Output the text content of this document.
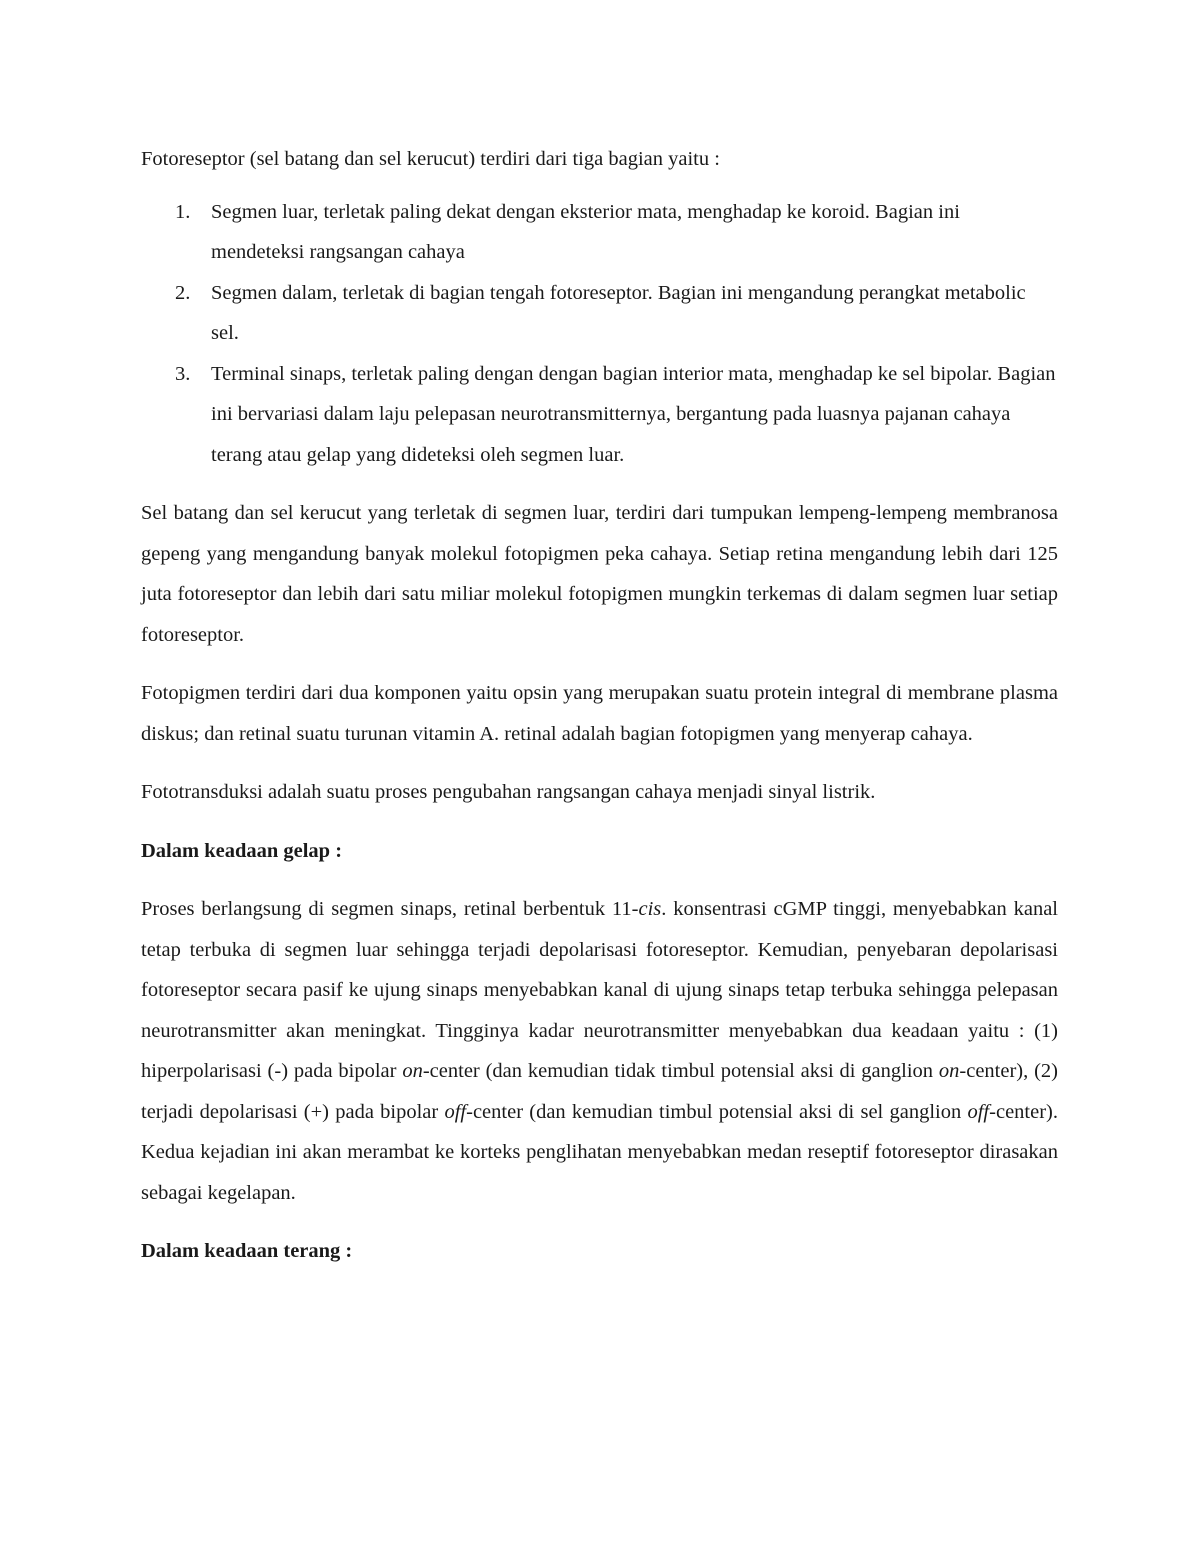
Fotoreseptor (sel batang dan sel kerucut) terdiri dari tiga bagian yaitu :

1. Segmen luar, terletak paling dekat dengan eksterior mata, menghadap ke koroid. Bagian ini mendeteksi rangsangan cahaya
2. Segmen dalam, terletak di bagian tengah fotoreseptor. Bagian ini mengandung perangkat metabolic sel.
3. Terminal sinaps, terletak paling dengan dengan bagian interior mata, menghadap ke sel bipolar. Bagian ini bervariasi dalam laju pelepasan neurotransmitternya, bergantung pada luasnya pajanan cahaya terang atau gelap yang dideteksi oleh segmen luar.

Sel batang dan sel kerucut yang terletak di segmen luar, terdiri dari tumpukan lempeng-lempeng membranosa gepeng yang mengandung banyak molekul fotopigmen peka cahaya. Setiap retina mengandung lebih dari 125 juta fotoreseptor dan lebih dari satu miliar molekul fotopigmen mungkin terkemas di dalam segmen luar setiap fotoreseptor.

Fotopigmen terdiri dari dua komponen yaitu opsin yang merupakan suatu protein integral di membrane plasma diskus; dan retinal suatu turunan vitamin A. retinal adalah bagian fotopigmen yang menyerap cahaya.

Fototransduksi adalah suatu proses pengubahan rangsangan cahaya menjadi sinyal listrik.

Dalam keadaan gelap :

Proses berlangsung di segmen sinaps, retinal berbentuk 11-cis. konsentrasi cGMP tinggi, menyebabkan kanal tetap terbuka di segmen luar sehingga terjadi depolarisasi fotoreseptor. Kemudian, penyebaran depolarisasi fotoreseptor secara pasif ke ujung sinaps menyebabkan kanal di ujung sinaps tetap terbuka sehingga pelepasan neurotransmitter akan meningkat. Tingginya kadar neurotransmitter menyebabkan dua keadaan yaitu : (1) hiperpolarisasi (-) pada bipolar on-center (dan kemudian tidak timbul potensial aksi di ganglion on-center), (2) terjadi depolarisasi (+) pada bipolar off-center (dan kemudian timbul potensial aksi di sel ganglion off-center). Kedua kejadian ini akan merambat ke korteks penglihatan menyebabkan medan reseptif fotoreseptor dirasakan sebagai kegelapan.

Dalam keadaan terang :
